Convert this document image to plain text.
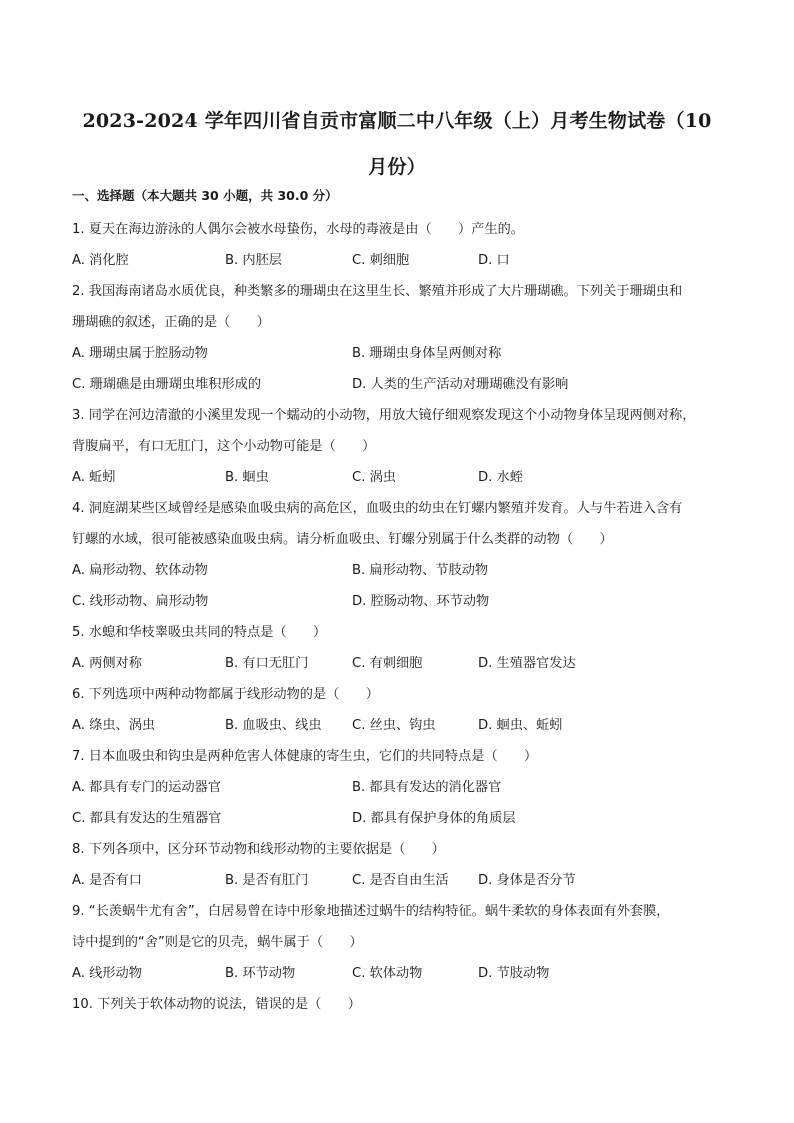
2023-2024 学年四川省自贡市富顺二中八年级（上）月考生物试卷（10
月份）
一、选择题（本大题共 30 小题，共 30.0 分）
1. 夏天在海边游泳的人偶尔会被水母蛰伤，水母的毒液是由（　　）产生的。
A. 消化腔	B. 内胚层	C. 刺细胞	D. 口
2. 我国海南诸岛水质优良，种类繁多的珊瑚虫在这里生长、繁殖并形成了大片珊瑚礁。下列关于珊瑚虫和
珊瑚礁的叙述，正确的是（　　）
A. 珊瑚虫属于腔肠动物	B. 珊瑚虫身体呈两侧对称
C. 珊瑚礁是由珊瑚虫堆积形成的	D. 人类的生产活动对珊瑚礁没有影响
3. 同学在河边清澈的小溪里发现一个蠕动的小动物，用放大镜仔细观察发现这个小动物身体呈现两侧对称，
背腹扁平，有口无肛门，这个小动物可能是（　　）
A. 蚯蚓	B. 蛔虫	C. 涡虫	D. 水蛭
4. 洞庭湖某些区域曾经是感染血吸虫病的高危区，血吸虫的幼虫在钉螺内繁殖并发育。人与牛若进入含有
钉螺的水域，很可能被感染血吸虫病。请分析血吸虫、钉螺分别属于什么类群的动物（　　）
A. 扁形动物、软体动物	B. 扁形动物、节肢动物
C. 线形动物、扁形动物	D. 腔肠动物、环节动物
5. 水螅和华枝睾吸虫共同的特点是（　　）
A. 两侧对称	B. 有口无肛门	C. 有刺细胞	D. 生殖器官发达
6. 下列选项中两种动物都属于线形动物的是（　　）
A. 绦虫、涡虫	B. 血吸虫、线虫 C. 丝虫、钩虫	D. 蛔虫、蚯蚓
7. 日本血吸虫和钩虫是两种危害人体健康的寄生虫，它们的共同特点是（　　）
A. 都具有专门的运动器官	B. 都具有发达的消化器官
C. 都具有发达的生殖器官	D. 都具有保护身体的角质层
8. 下列各项中，区分环节动物和线形动物的主要依据是（　　）
A. 是否有口	B. 是否有肛门	C. 是否自由生活 D. 身体是否分节
9. “长羡蜗牛尤有舍”，白居易曾在诗中形象地描述过蜗牛的结构特征。蜗牛柔软的身体表面有外套膜，
诗中提到的“舍”则是它的贝壳，蜗牛属于（　　）
A. 线形动物	B. 环节动物	C. 软体动物	D. 节肢动物
10. 下列关于软体动物的说法，错误的是（　　）
